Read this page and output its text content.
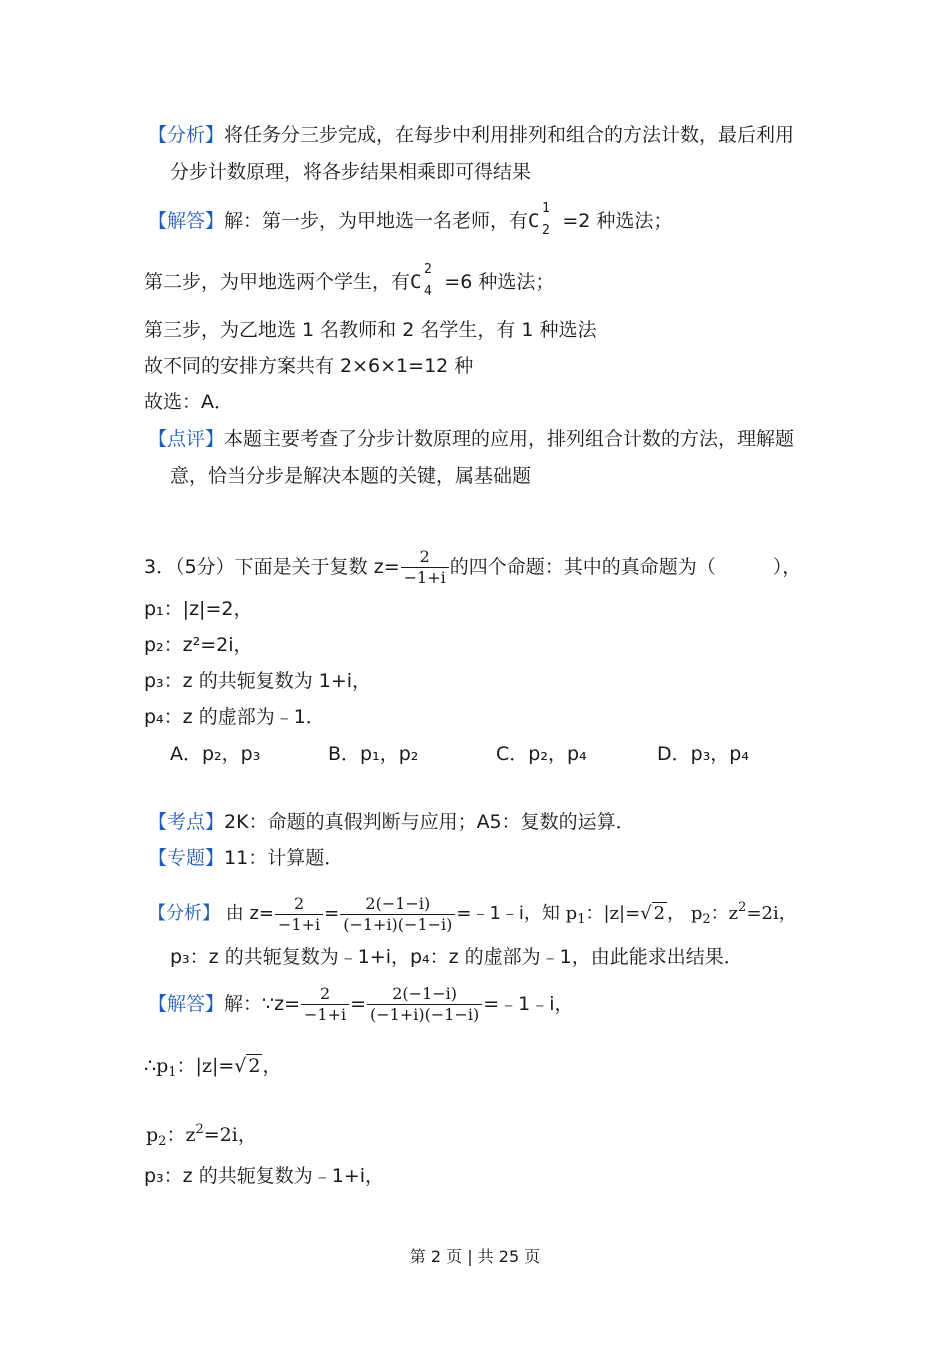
【分析】将任务分三步完成，在每步中利用排列和组合的方法计数，最后利用
分步计数原理，将各步结果相乘即可得结果
【解答】解：第一步，为甲地选一名老师，有C
1
2 =2 种选法；
第二步，为甲地选两个学生，有C
2
4 =6 种选法；
第三步，为乙地选 1 名教师和 2 名学生，有 1 种选法
故不同的安排方案共有 2×6×1=12 种
故选：A．
【点评】本题主要考查了分步计数原理的应用，排列组合计数的方法，理解题
意，恰当分步是解决本题的关键，属基础题
3．（5分）下面是关于复数 $z= \frac{2}{-1+i}$ 的四个命题：其中的真命题为（　　　），
p₁：|z|=2，
p₂：z²=2i，
p₃：z 的共轭复数为 1+i，
p₄：z 的虚部为﹣1．
A．p₂，p₃	B．p₁，p₂	C．p₂，p₄	D．p₃，p₄
【考点】2K：命题的真假判断与应用；A5：复数的运算．
【专题】11：计算题．
【分析】 由 $z= \frac{2}{-1+i} = \frac{2(-1-i)}{(-1+i)(-1-i)}$ =﹣1﹣i，知 $p_1$：|z|=√ 2 ， $p_2$：$z^2=2i$，
p₃：z 的共轭复数为﹣1+i，p₄：z 的虚部为﹣1，由此能求出结果．
【解答】解：∵z= $\frac{2}{-1+i} = \frac{2(-1-i)}{(-1+i)(-1-i)}$ =﹣1﹣i，
$\therefore p_1$：|z|=√ 2 ，
$p_2$：$z^2=2i$，
p₃：z 的共轭复数为﹣1+i，
第 2 页 | 共 25 页
